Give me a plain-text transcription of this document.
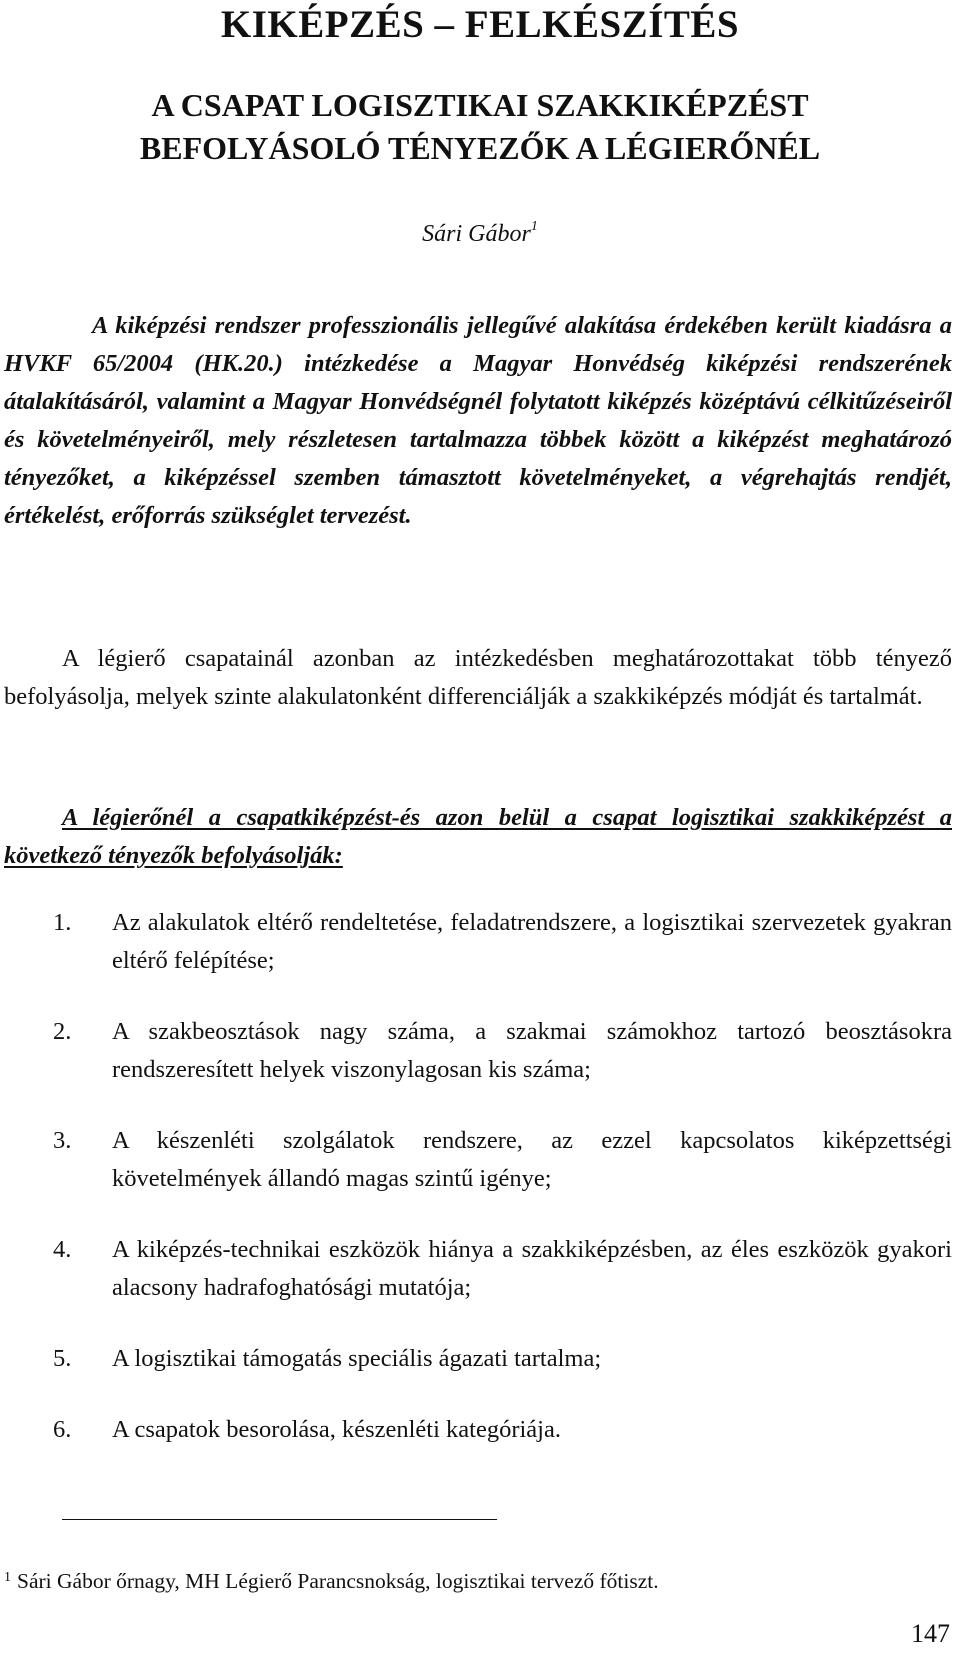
KIKÉPZÉS – FELKÉSZÍTÉS
A CSAPAT LOGISZTIKAI SZAKKIKÉPZÉST
BEFOLYÁSOLÓ TÉNYEZŐK A LÉGIERŐNÉL
Sári Gábor$^1$

A kiképzési rendszer professzionális jellegűvé alakítása érdekében került kiadásra a HVKF 65/2004 (HK.20.) intézkedése a Magyar Honvédség kiképzési rendszerének átalakításáról, valamint a Magyar Honvédségnél folytatott kiképzés középtávú célkitűzéseiről és követelményeiről, mely részletesen tartalmazza többek között a kiképzést meghatározó tényezőket, a kiképzéssel szemben támasztott követelményeket, a végrehajtás rendjét, értékelést, erőforrás szükséglet tervezést.

A légierő csapatainál azonban az intézkedésben meghatározottakat több tényező befolyásolja, melyek szinte alakulatonként differenciálják a szakkiképzés módját és tartalmát.

A légierőnél a csapatkiképzést-és azon belül a csapat logisztikai szakkiképzést a következő tényezők befolyásolják:

1.	Az alakulatok eltérő rendeltetése, feladatrendszere, a logisztikai szervezetek gyakran eltérő felépítése;
2.	A szakbeosztások nagy száma, a szakmai számokhoz tartozó beosztásokra rendszeresített helyek viszonylagosan kis száma;
3.	A készenléti szolgálatok rendszere, az ezzel kapcsolatos kiképzettségi követelmények állandó magas szintű igénye;
4.	A kiképzés-technikai eszközök hiánya a szakkiképzésben, az éles eszközök gyakori alacsony hadrafoghatósági mutatója;
5.	A logisztikai támogatás speciális ágazati tartalma;
6.	A csapatok besorolása, készenléti kategóriája.
$^1$ Sári Gábor őrnagy, MH Légierő Parancsnokság, logisztikai tervező főtiszt.
147
